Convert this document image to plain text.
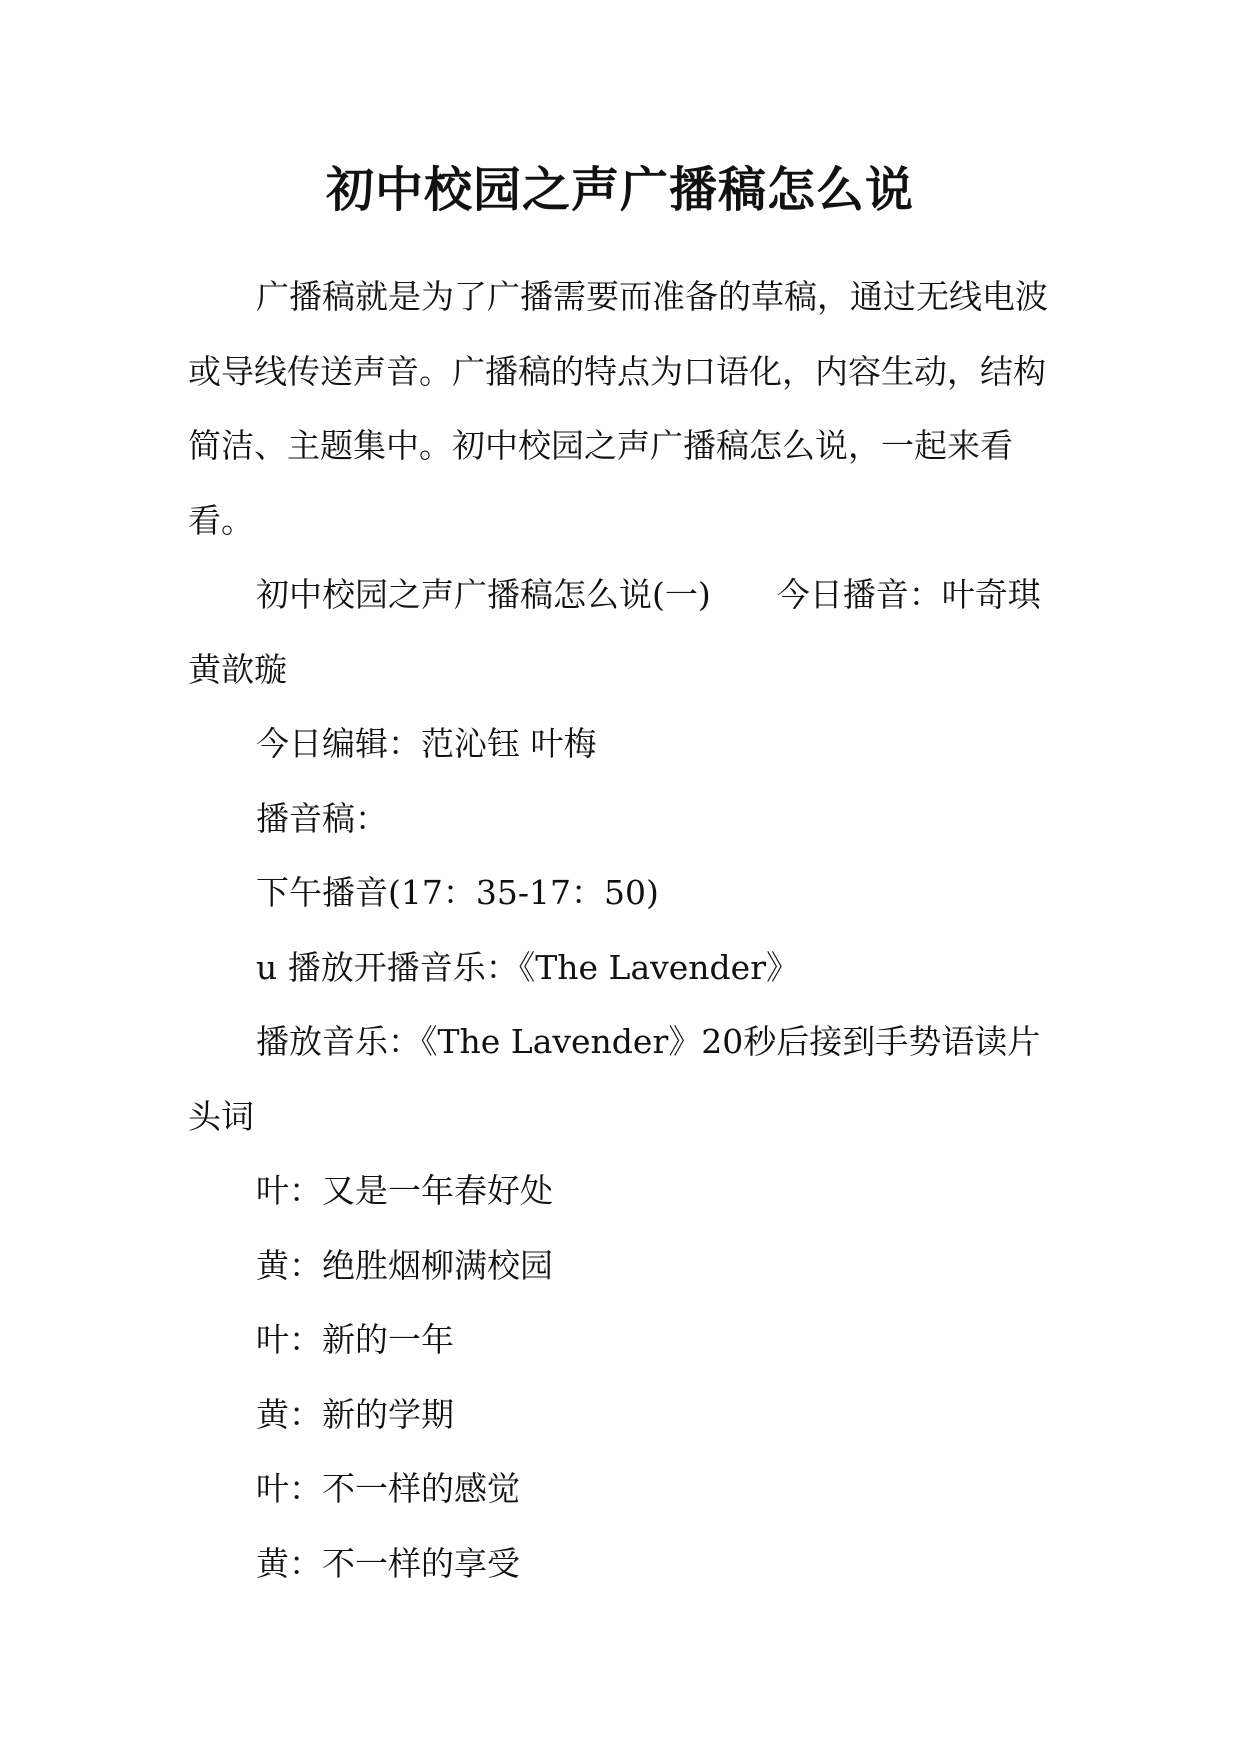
初中校园之声广播稿怎么说

广播稿就是为了广播需要而准备的草稿，通过无线电波或导线传送声音。广播稿的特点为口语化，内容生动，结构简洁、主题集中。初中校园之声广播稿怎么说，一起来看看。

初中校园之声广播稿怎么说(一) 今日播音：叶奇琪 黄歆璇

今日编辑：范沁钰 叶梅

播音稿：

下午播音(17：35-17：50)

u 播放开播音乐：《The Lavender》

播放音乐：《The Lavender》20秒后接到手势语读片头词

叶：又是一年春好处

黄：绝胜烟柳满校园

叶：新的一年

黄：新的学期

叶：不一样的感觉

黄：不一样的享受
